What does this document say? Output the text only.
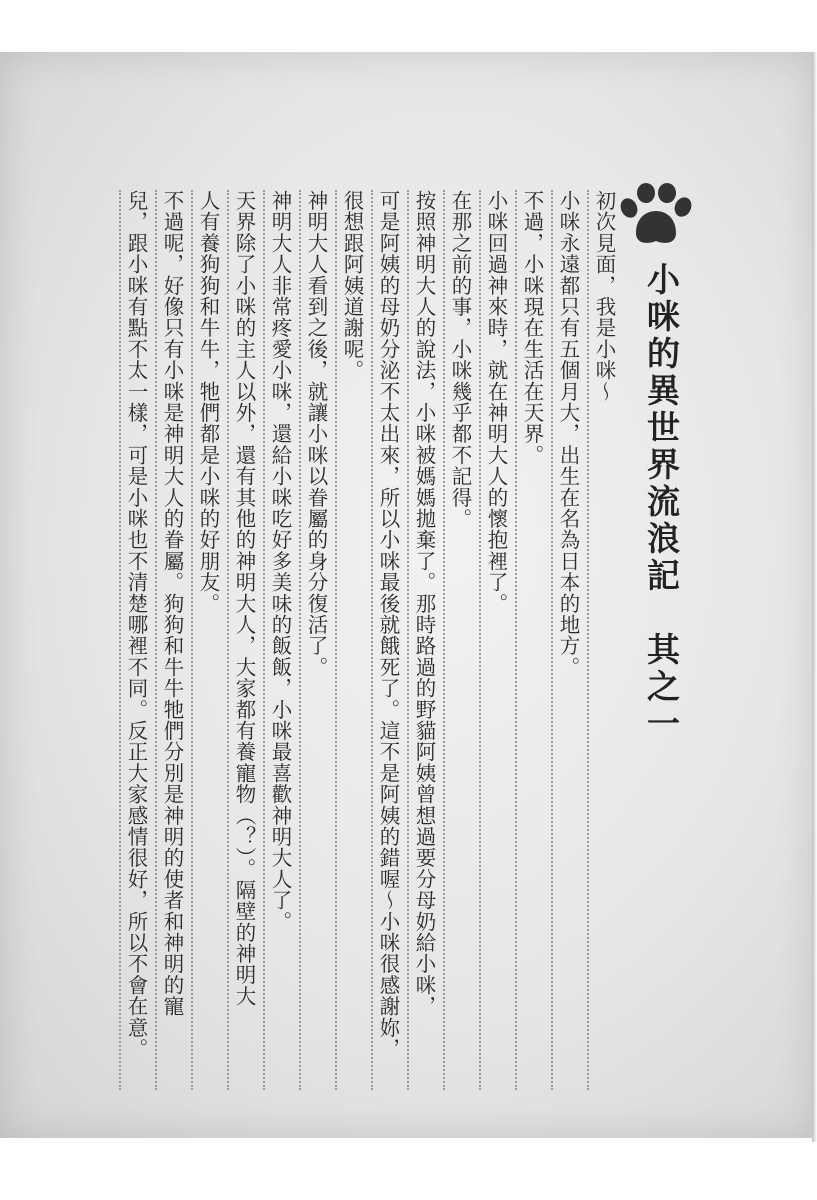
小咪的異世界流浪記　其之一
初次見面，我是小咪～
小咪永遠都只有五個月大，出生在名為日本的地方。
不過，小咪現在生活在天界。
小咪回過神來時，就在神明大人的懷抱裡了。
在那之前的事，小咪幾乎都不記得。
按照神明大人的說法，小咪被媽媽拋棄了。那時路過的野貓阿姨曾想過要分母奶給小咪，
可是阿姨的母奶分泌不太出來，所以小咪最後就餓死了。這不是阿姨的錯喔～小咪很感謝妳，
很想跟阿姨道謝呢。
神明大人看到之後，就讓小咪以眷屬的身分復活了。
神明大人非常疼愛小咪，還給小咪吃好多美味的飯飯，小咪最喜歡神明大人了。
天界除了小咪的主人以外，還有其他的神明大人，大家都有養寵物（？）。隔壁的神明大
人有養狗狗和牛牛，牠們都是小咪的好朋友。
不過呢，好像只有小咪是神明大人的眷屬。狗狗和牛牛牠們分別是神明的使者和神明的寵
兒，跟小咪有點不太一樣，可是小咪也不清楚哪裡不同。反正大家感情很好，所以不會在意。
